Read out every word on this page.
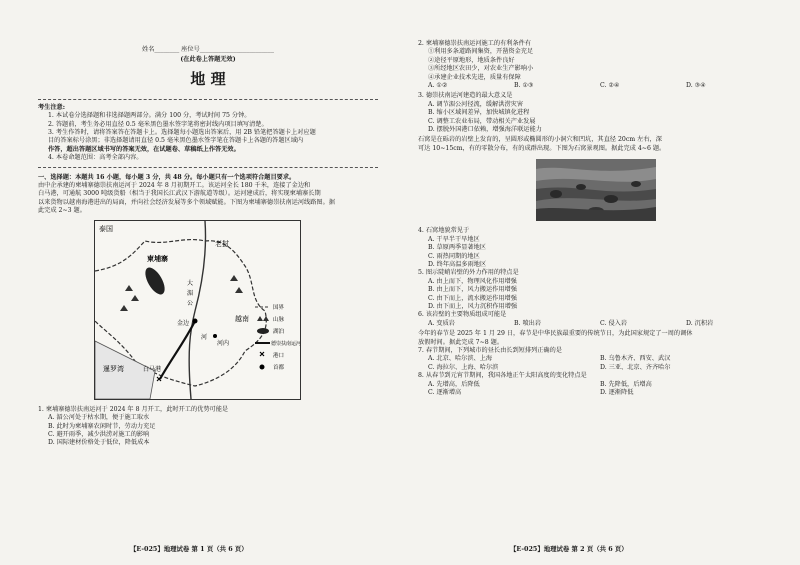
姓名________ 座位号________________________
(在此卷上答题无效)
地 理
考生注意:
1. 本试卷分选择题和非选择题两部分。满分 100 分，考试时间 75 分钟。
2. 答题前，考生务必用直径 0.5 毫米黑色墨水签字笔将密封线内项目填写清楚。
3. 考生作答时，请将答案答在答题卡上。选择题每小题选出答案后，用 2B 铅笔把答题卡上对应题
目的答案标号涂黑；非选择题请用直径 0.5 毫米黑色墨水签字笔在答题卡上各题的答题区域内
作答，超出答题区域书写的答案无效，在试题卷、草稿纸上作答无效。
4. 本卷命题范围：高考全部内容。
一、选择题：本题共 16 小题，每小题 3 分，共 48 分。每小题只有一个选项符合题目要求。
由中企承建的柬埔寨德崇扶南运河于 2024 年 8 月初期开工。该运河全长 180 千米，连接了金边和
白马港，可通航 3000 吨级货船（相当于我国长江武汉下游航道等级）。运河建成后，将实现柬埔寨长期
以来货物以越南海港进出的局面，并向社会经济发展等多个领域赋能。下图为柬埔寨德崇扶南运河线路图。据
此完成 2~3 题。
泰国
柬埔寨
老挝
越南
金边
河
河内
白马港
暹罗湾
大
湄
公
国界
山脉
湖泊
德崇扶南运河
港口
首都
1. 柬埔寨德崇扶南运河于 2024 年 8 月开工，此时开工的优势可能是
A. 湄公河处于枯水期，便于施工取水
B. 此时为柬埔寨农闲时节，劳动力充足
C. 避开雨季，减少洪涝对施工的影响
D. 国际建材价格处于低位，降低成本
【E-025】地理试卷 第 1 页（共 6 页）
2. 柬埔寨德崇扶南运河施工的有利条件有
①利用多条道路间集资，开凿资金充足
②途径平原地形，地质条件良好
③所经地区农田少，对农业生产影响小
④承建企业技术先进，质量有保障
A. ①②	B. ①③	C. ②④	D. ③④
3. 德崇扶南运河建造的最大意义是
A. 调节湄公河径流，缓解洪涝灾害
B. 缩小区域间差异，加快城镇化进程
C. 调整工农业布局，带动相关产业发展
D. 摆脱外国港口依赖，增强海洋联运能力
石窝是在砾岩的岩壁上发育的，呈圆形或椭圆形的小洞穴和凹坑，其直径 20cm 左右，深
可达 10~15cm，有的零散分布，有的成群出现。下图为石窝景观图。据此完成 4~6 题。
4. 石窝地貌常见于
A. 干旱半干旱地区
B. 草原两季显著地区
C. 雨热同期的地区
D. 终年高温多雨地区
5. 图示陡峭岩壁的外力作用的特点是
A. 由上而下，物理风化作用增强
B. 由上而下，风力搬运作用增强
C. 由下而上，流水搬运作用增强
D. 由下而上，风力沉积作用增强
6. 该岩壁的主要物质组成可能是
A. 变质岩	B. 喷出岩	C. 侵入岩	D. 沉积岩
今年的春节是 2025 年 1 月 29 日，春节是中华民族最重要的传统节日，为此国家规定了一周的调休
放假时间。据此完成 7~8 题。
7. 春节期间，下列城市的昼长由长到短排列正确的是
A. 北京、哈尔滨、上海	B. 乌鲁木齐、西安、武汉
C. 海拉尔、上海、哈尔滨	D. 三亚、北京、齐齐哈尔
8. 从春节到元宵节期间，我国各地正午太阳高度的变化特点是
A. 先增高，后降低	B. 先降低，后增高
C. 逐渐增高	D. 逐渐降低
【E-025】地理试卷 第 2 页（共 6 页）
